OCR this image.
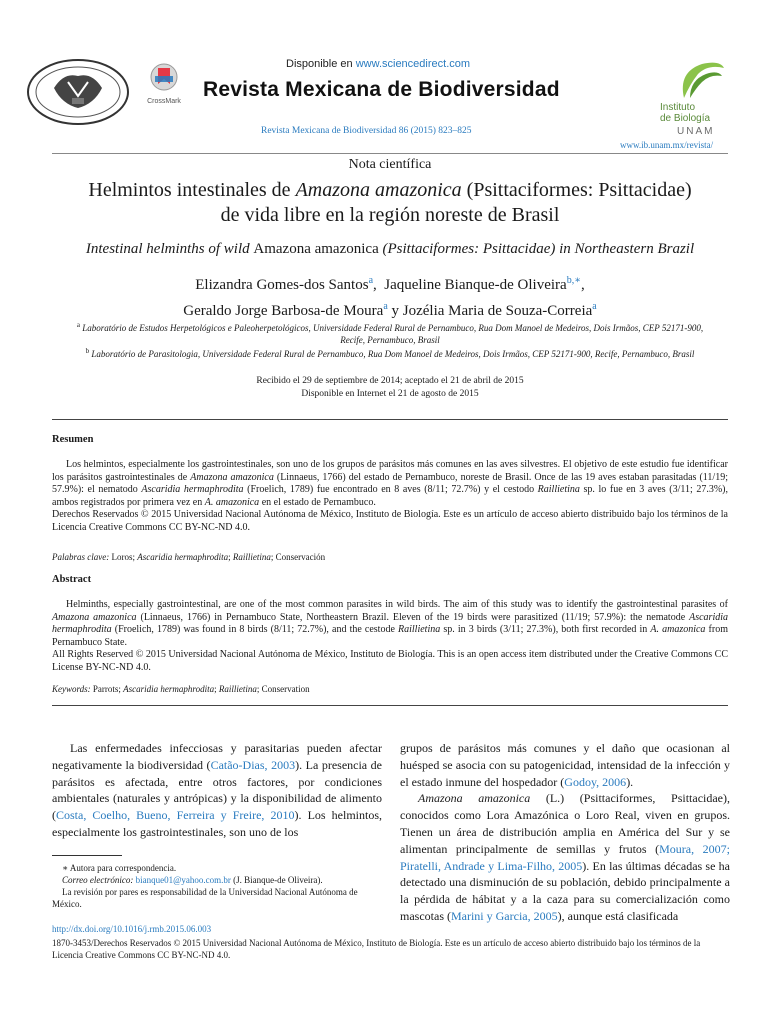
CrossMark
Disponible en www.sciencedirect.com
Revista Mexicana de Biodiversidad
Revista Mexicana de Biodiversidad 86 (2015) 823–825
Instituto
de Biología
UNAM
www.ib.unam.mx/revista/
Nota científica
Helmintos intestinales de Amazona amazonica (Psittaciformes: Psittacidae)
de vida libre en la región noreste de Brasil
Intestinal helminths of wild Amazona amazonica (Psittaciformes: Psittacidae) in Northeastern Brazil
Elizandra Gomes-dos Santos$^a$,  Jaqueline Bianque-de Oliveira$^{b,∗}$,
Geraldo Jorge Barbosa-de Moura$^a$ y Jozélia Maria de Souza-Correia$^a$
$^a$ Laboratório de Estudos Herpetológicos e Paleoherpetológicos, Universidade Federal Rural de Pernambuco, Rua Dom Manoel de Medeiros, Dois Irmãos, CEP 52171-900, Recife, Pernambuco, Brasil
$^b$ Laboratório de Parasitologia, Universidade Federal Rural de Pernambuco, Rua Dom Manoel de Medeiros, Dois Irmãos, CEP 52171-900, Recife, Pernambuco, Brasil
Recibido el 29 de septiembre de 2014; aceptado el 21 de abril de 2015
Disponible en Internet el 21 de agosto de 2015
Resumen

Los helmintos, especialmente los gastrointestinales, son uno de los grupos de parásitos más comunes en las aves silvestres. El objetivo de este estudio fue identificar los parásitos gastrointestinales de Amazona amazonica (Linnaeus, 1766) del estado de Pernambuco, noreste de Brasil. Once de las 19 aves estaban parasitadas (11/19; 57.9%): el nematodo Ascaridia hermaphrodita (Froelich, 1789) fue encontrado en 8 aves (8/11; 72.7%) y el cestodo Raillietina sp. lo fue en 3 aves (3/11; 27.3%), ambos registrados por primera vez en A. amazonica en el estado de Pernambuco.

Derechos Reservados © 2015 Universidad Nacional Autónoma de México, Instituto de Biología. Este es un artículo de acceso abierto distribuido bajo los términos de la Licencia Creative Commons CC BY-NC-ND 4.0.
Palabras clave: Loros; Ascaridia hermaphrodita; Raillietina; Conservación
Abstract

Helminths, especially gastrointestinal, are one of the most common parasites in wild birds. The aim of this study was to identify the gastrointestinal parasites of Amazona amazonica (Linnaeus, 1766) in Pernambuco State, Northeastern Brazil. Eleven of the 19 birds were parasitized (11/19; 57.9%): the nematode Ascaridia hermaphrodita (Froelich, 1789) was found in 8 birds (8/11; 72.7%), and the cestode Raillietina sp. in 3 birds (3/11; 27.3%), both first recorded in A. amazonica from Pernambuco State.

All Rights Reserved © 2015 Universidad Nacional Autónoma de México, Instituto de Biología. This is an open access item distributed under the Creative Commons CC License BY-NC-ND 4.0.
Keywords: Parrots; Ascaridia hermaphrodita; Raillietina; Conservation

Las enfermedades infecciosas y parasitarias pueden afectar negativamente la biodiversidad (Catão-Dias, 2003). La presencia de parásitos es afectada, entre otros factores, por condiciones ambientales (naturales y antrópicas) y la disponibilidad de alimento (Costa, Coelho, Bueno, Ferreira y Freire, 2010). Los helmintos, especialmente los gastrointestinales, son uno de los

grupos de parásitos más comunes y el daño que ocasionan al huésped se asocia con su patogenicidad, intensidad de la infección y el estado inmune del hospedador (Godoy, 2006).

Amazona amazonica (L.) (Psittaciformes, Psittacidae), conocidos como Lora Amazónica o Loro Real, viven en grupos. Tienen un área de distribución amplia en América del Sur y se alimentan principalmente de semillas y frutos (Moura, 2007; Piratelli, Andrade y Lima-Filho, 2005). En las últimas décadas se ha detectado una disminución de su población, debido principalmente a la pérdida de hábitat y a la caza para su comercialización como mascotas (Marini y Garcia, 2005), aunque está clasificada

∗ Autora para correspondencia.
Correo electrónico: bianque01@yahoo.com.br (J. Bianque-de Oliveira).
La revisión por pares es responsabilidad de la Universidad Nacional Autónoma de México.
http://dx.doi.org/10.1016/j.rmb.2015.06.003
1870-3453/Derechos Reservados © 2015 Universidad Nacional Autónoma de México, Instituto de Biología. Este es un artículo de acceso abierto distribuido bajo los términos de la Licencia Creative Commons CC BY-NC-ND 4.0.
